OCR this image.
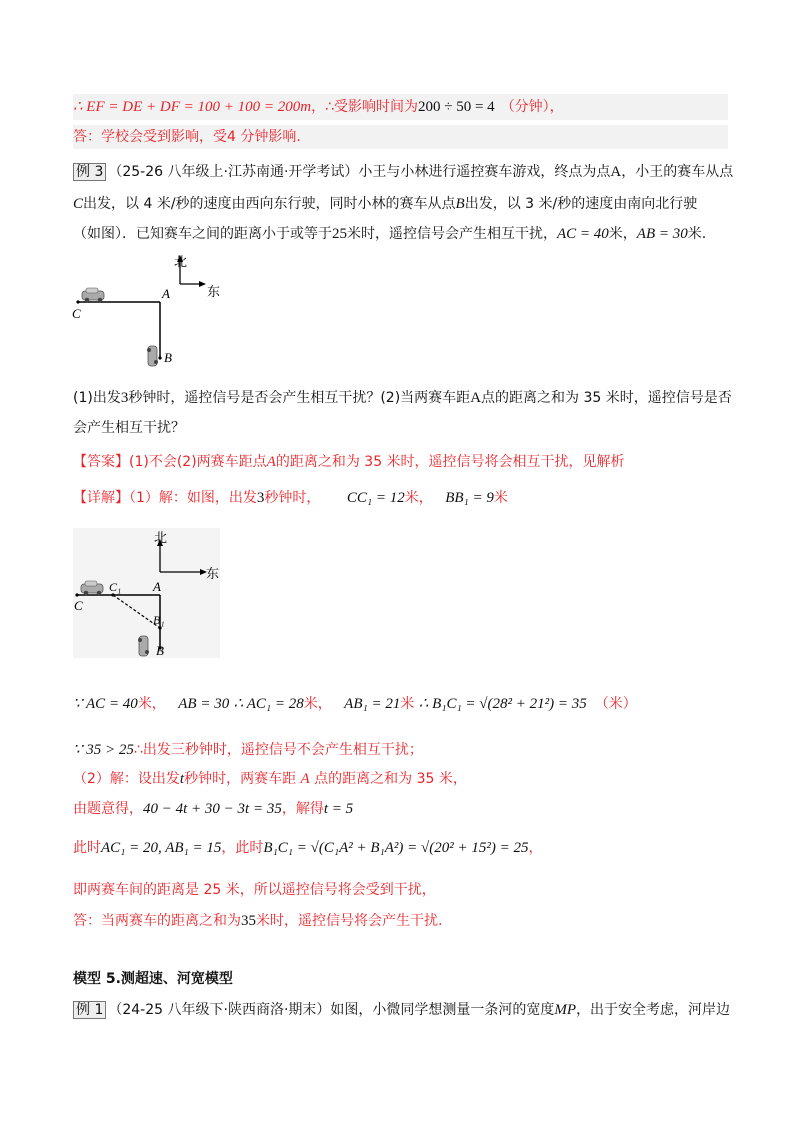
∴ EF = DE + DF = 100 + 100 = 200m，∴受影响时间为200 ÷ 50 = 4 （分钟），
答：学校会受到影响，受4 分钟影响.
例 3 （25-26 八年级上·江苏南通·开学考试）小王与小林进行遥控赛车游戏，终点为点A，小王的赛车从点
C出发，以 4 米/秒的速度由西向东行驶，同时小林的赛车从点B出发，以 3 米/秒的速度由南向北行驶
（如图）．已知赛车之间的距离小于或等于25米时，遥控信号会产生相互干扰，AC = 40米，AB = 30米.
北
东
C
A
B
(1)出发3秒钟时，遥控信号是否会产生相互干扰？(2)当两赛车距A点的距离之和为 35 米时，遥控信号是否
会产生相互干扰？
【答案】(1)不会(2)两赛车距点A的距离之和为 35 米时，遥控信号将会相互干扰，见解析
【详解】（1）解：如图，出发3秒钟时， CC₁ = 12米， BB₁ = 9米
北
东
C
C₁ A
B₁
B
∵ AC = 40米， AB = 30 ∴ AC₁ = 28米， AB₁ = 21米 ∴ B₁C₁ = √(28² + 21²) = 35 （米）
∵ 35 > 25∴出发三秒钟时，遥控信号不会产生相互干扰；
（2）解：设出发t秒钟时，两赛车距 A 点的距离之和为 35 米，
由题意得，40 − 4t + 30 − 3t = 35，解得t = 5
此时AC₁ = 20, AB₁ = 15，此时B₁C₁ = √(C₁A² + B₁A²) = √(20² + 15²) = 25，
即两赛车间的距离是 25 米，所以遥控信号将会受到干扰，
答：当两赛车的距离之和为35米时，遥控信号将会产生干扰.
模型 5.测超速、河宽模型
例 1 （24-25 八年级下·陕西商洛·期末）如图，小微同学想测量一条河的宽度MP，出于安全考虑，河岸边
